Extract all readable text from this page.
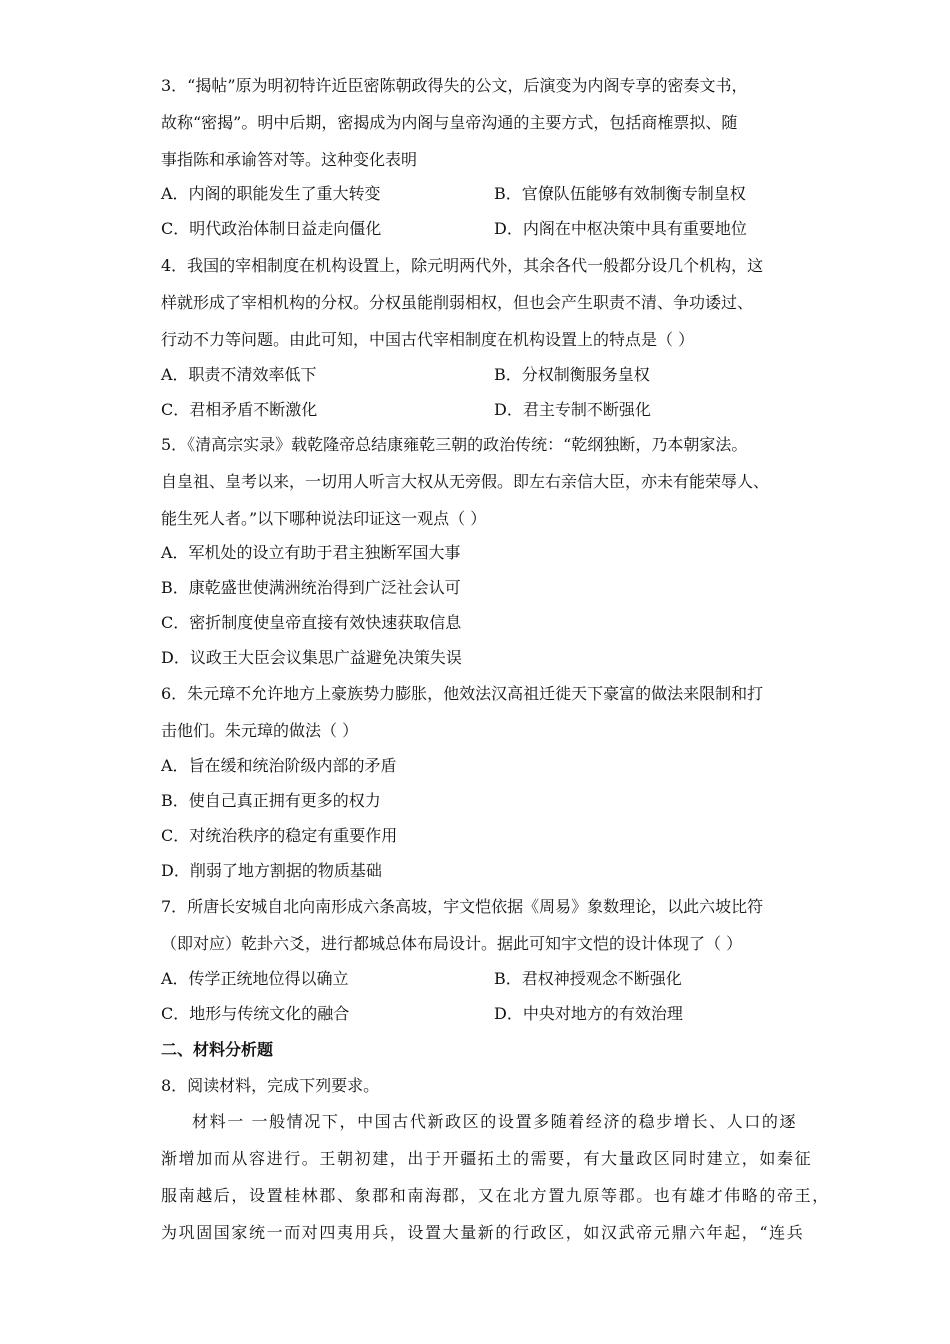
3．“揭帖”原为明初特许近臣密陈朝政得失的公文，后演变为内阁专享的密奏文书，
故称“密揭”。明中后期，密揭成为内阁与皇帝沟通的主要方式，包括商榷票拟、随
事指陈和承谕答对等。这种变化表明
A．内阁的职能发生了重大转变	B．官僚队伍能够有效制衡专制皇权
C．明代政治体制日益走向僵化	D．内阁在中枢决策中具有重要地位
4．我国的宰相制度在机构设置上，除元明两代外，其余各代一般都分设几个机构，这
样就形成了宰相机构的分权。分权虽能削弱相权，但也会产生职责不清、争功诿过、
行动不力等问题。由此可知，中国古代宰相制度在机构设置上的特点是（ ）
A．职责不清效率低下	B．分权制衡服务皇权
C．君相矛盾不断激化	D．君主专制不断强化
5．《清高宗实录》载乾隆帝总结康雍乾三朝的政治传统：“乾纲独断，乃本朝家法。
自皇祖、皇考以来，一切用人听言大权从无旁假。即左右亲信大臣，亦未有能荣辱人、
能生死人者。”以下哪种说法印证这一观点（ ）
A．军机处的设立有助于君主独断军国大事
B．康乾盛世使满洲统治得到广泛社会认可
C．密折制度使皇帝直接有效快速获取信息
D．议政王大臣会议集思广益避免决策失误
6．朱元璋不允许地方上豪族势力膨胀，他效法汉高祖迁徙天下豪富的做法来限制和打
击他们。朱元璋的做法（ ）
A．旨在缓和统治阶级内部的矛盾
B．使自己真正拥有更多的权力
C．对统治秩序的稳定有重要作用
D．削弱了地方割据的物质基础
7．所唐长安城自北向南形成六条高坡，宇文恺依据《周易》象数理论，以此六坡比符
（即对应）乾卦六爻，进行都城总体布局设计。据此可知宇文恺的设计体现了（ ）
A．传学正统地位得以确立	B．君权神授观念不断强化
C．地形与传统文化的融合	D．中央对地方的有效治理
二、材料分析题
8．阅读材料，完成下列要求。
材料一 一般情况下，中国古代新政区的设置多随着经济的稳步增长、人口的逐
渐增加而从容进行。王朝初建，出于开疆拓土的需要，有大量政区同时建立，如秦征
服南越后，设置桂林郡、象郡和南海郡，又在北方置九原等郡。也有雄才伟略的帝王，
为巩固国家统一而对四夷用兵，设置大量新的行政区，如汉武帝元鼎六年起，“连兵
